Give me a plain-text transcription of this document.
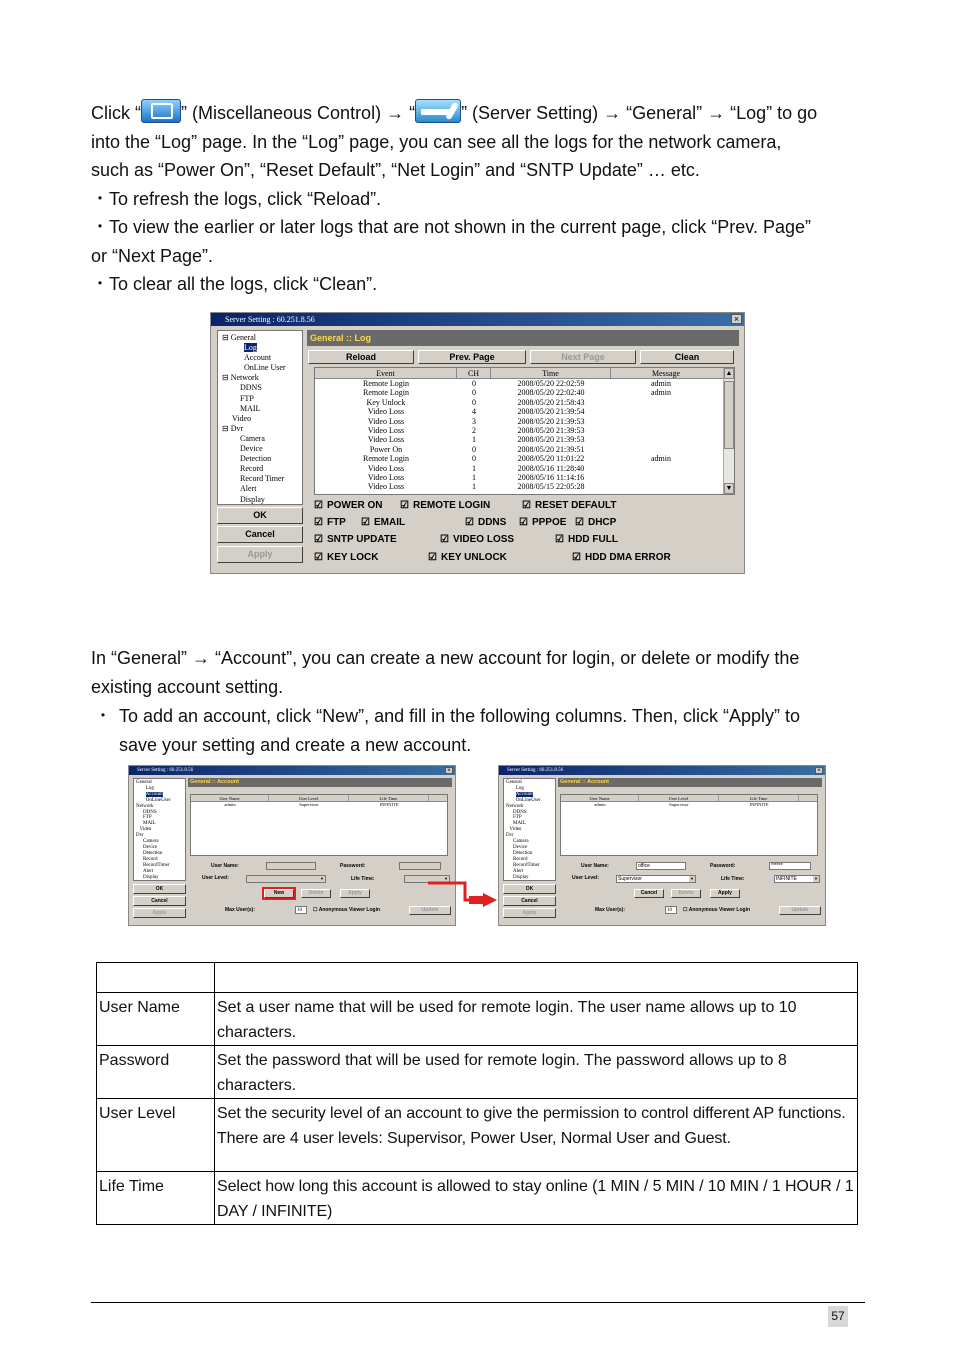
Click “ ” (Miscellaneous Control) → “	” (Server Setting) → “General” → “Log” to go
into the “Log” page. In the “Log” page, you can see all the logs for the network camera,
such as “Power On”, “Reset Default”, “Net Login” and “SNTP Update” … etc.
・To refresh the logs, click “Reload”.
・To view the earlier or later logs that are not shown in the current page, click “Prev. Page”
or “Next Page”.
・To clear all the logs, click “Clean”.
Server Setting : 60.251.8.56	×
⊟ General
Log
Account
OnLine User
⊟ Network
DDNS
FTP
MAIL
Video
⊟ Dvr
Camera
Device
Detection
Record
Record Timer
Alert
Display
OK
Cancel
Apply
General :: Log
Reload	Prev. Page	Next Page	Clean
Event	CH	Time	Message
Remote Login	0	2008/05/20 22:02:59	admin
Remote Login	0	2008/05/20 22:02:40	admin
Key Unlock	0	2008/05/20 21:58:43
Video Loss	4	2008/05/20 21:39:54
Video Loss	3	2008/05/20 21:39:53
Video Loss	2	2008/05/20 21:39:53
Video Loss	1	2008/05/20 21:39:53
Power On	0	2008/05/20 21:39:51
Remote Login	0	2008/05/20 11:01:22	admin
Video Loss	1	2008/05/16 11:28:40
Video Loss	1	2008/05/16 11:14:16
Video Loss	1	2008/05/15 22:05:28
▲
▼
☑ POWER ON	☑ REMOTE LOGIN	☑ RESET DEFAULT
☑ FTP	☑ EMAIL	☑ DDNS	☑ PPPOE	☑ DHCP
☑ SNTP UPDATE	☑ VIDEO LOSS	☑ HDD FULL
☑ KEY LOCK	☑ KEY UNLOCK	☑ HDD DMA ERROR
In “General” → “Account”, you can create a new account for login, or delete or modify the
existing account setting.
・ To add an account, click “New”, and fill in the following columns. Then, click “Apply” to
save your setting and create a new account.
Server Setting : 60.251.8.56	×
General
Log
Account
OnLineUser
Network
DDNS
FTP
MAIL
Video
Dvr
Camera
Device
Detection
Record
RecordTimer
Alert
Display
OK
Cancel
Apply
General :: Account
User Name	User Level	Life Time
admin	Supervisor	INFINITE
User Name:	Password:
User Level:	▼	Life Time:	▼
New	Delete	Apply
Max User(s):	10	☐ Anonymous Viewer Login	Update
Server Setting : 60.251.8.56	×
General
Log
Account
OnLineUser
Network
DDNS
FTP
MAIL
Video
Dvr
Camera
Device
Detection
Record
RecordTimer
Alert
Display
OK
Cancel
Apply
General :: Account
User Name	User Level	Life Time
admin	Supervisor	INFINITE
User Name:	office	Password:	******
User Level:	Supervisor	▼	Life Time:	INFINITE	▼
Cancel	Delete	Apply
Max User(s):	10	☐ Anonymous Viewer Login	Update

User Name	Set a user name that will be used for remote login. The user name allows up to 10 characters.
Password	Set the password that will be used for remote login. The password allows up to 8 characters.
User Level	Set the security level of an account to give the permission to control different AP functions. There are 4 user levels: Supervisor, Power User, Normal User and Guest.
Life Time	Select how long this account is allowed to stay online (1 MIN / 5 MIN / 10 MIN / 1 HOUR / 1 DAY / INFINITE)
57
